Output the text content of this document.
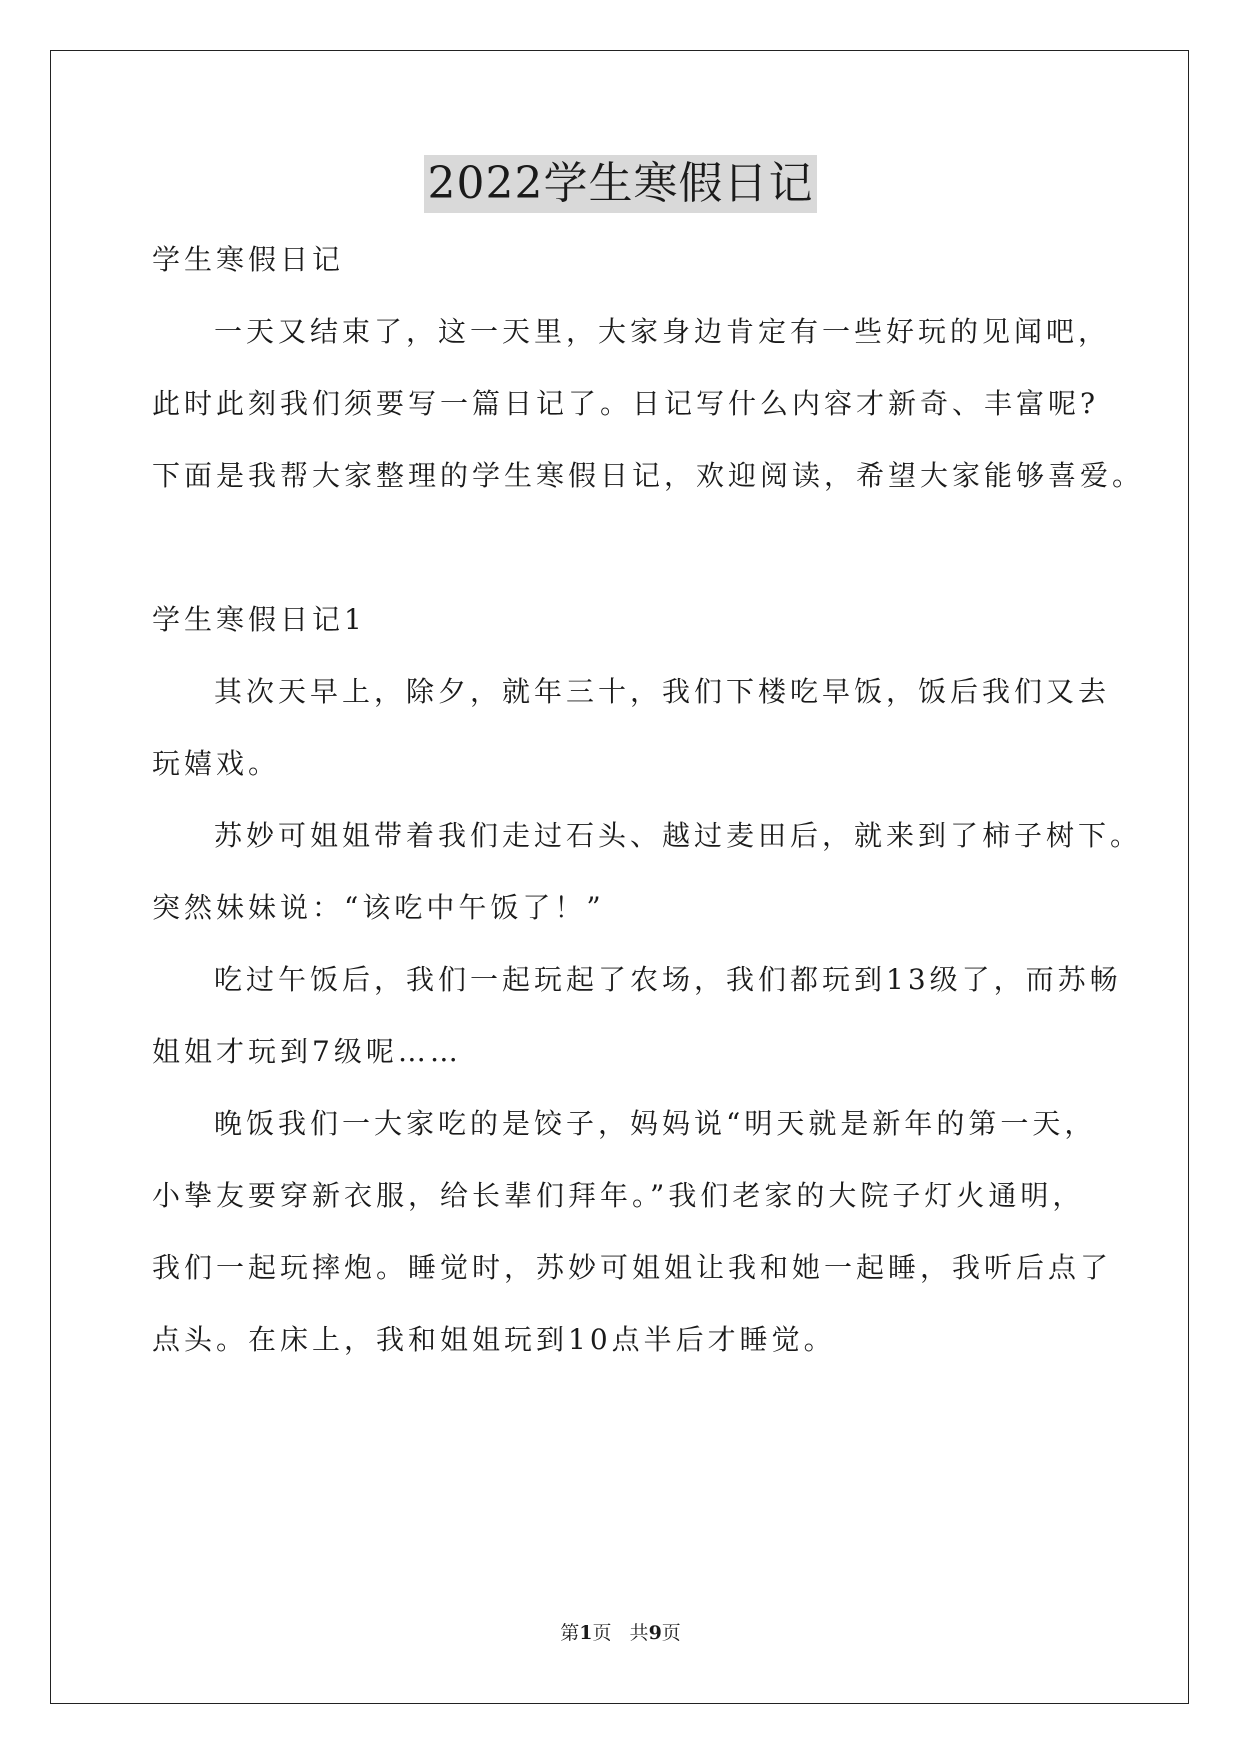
2022学生寒假日记
学生寒假日记
一天又结束了，这一天里，大家身边肯定有一些好玩的见闻吧，
此时此刻我们须要写一篇日记了。日记写什么内容才新奇、丰富呢?
下面是我帮大家整理的学生寒假日记，欢迎阅读，希望大家能够喜爱。
学生寒假日记1
其次天早上，除夕，就年三十，我们下楼吃早饭，饭后我们又去
玩嬉戏。
苏妙可姐姐带着我们走过石头、越过麦田后，就来到了柿子树下。
突然妹妹说：“该吃中午饭了！”
吃过午饭后，我们一起玩起了农场，我们都玩到13级了，而苏畅
姐姐才玩到7级呢……
晚饭我们一大家吃的是饺子，妈妈说“明天就是新年的第一天，
小挚友要穿新衣服，给长辈们拜年。”我们老家的大院子灯火通明，
我们一起玩摔炮。睡觉时，苏妙可姐姐让我和她一起睡，我听后点了
点头。在床上，我和姐姐玩到10点半后才睡觉。
第1页   共9页
